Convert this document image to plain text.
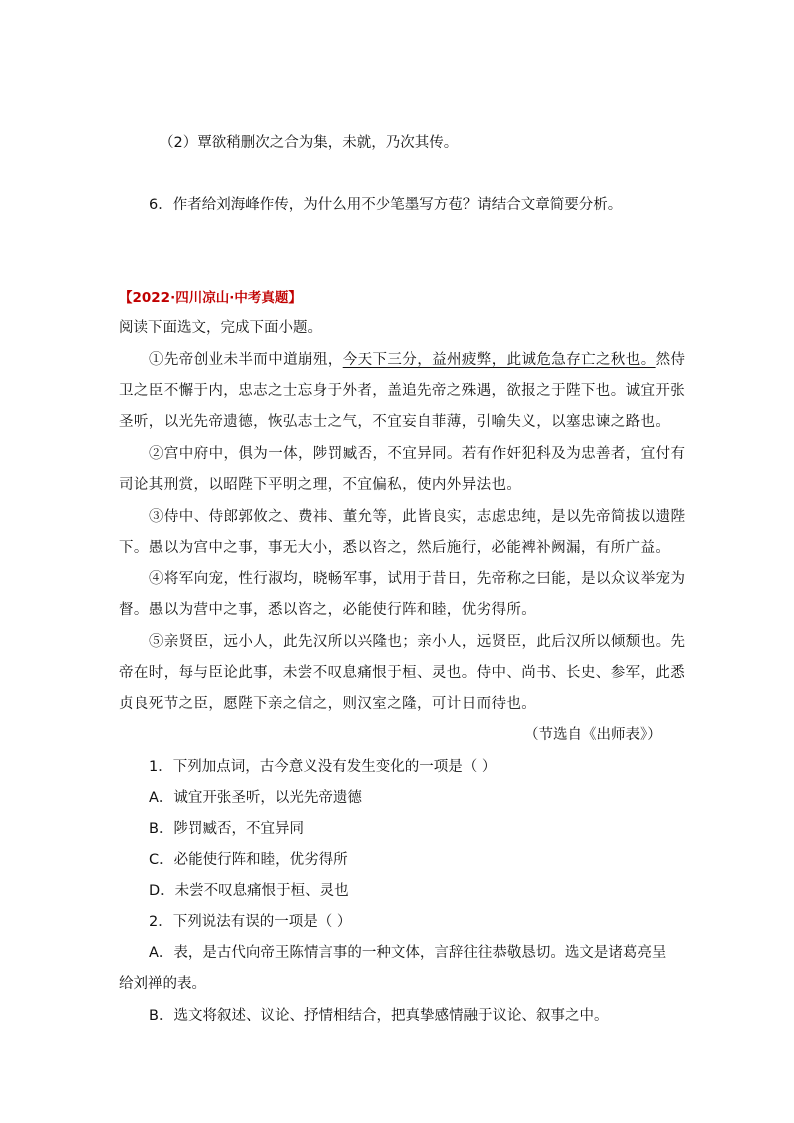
（2）覃欲稍删次之合为集，未就，乃次其传。
6．作者给刘海峰作传，为什么用不少笔墨写方苞？请结合文章简要分析。
【2022·四川凉山·中考真题】
阅读下面选文，完成下面小题。
①先帝创业未半而中道崩殂，今天下三分，益州疲弊，此诚危急存亡之秋也。然侍
卫之臣不懈于内，忠志之士忘身于外者，盖追先帝之殊遇，欲报之于陛下也。诚宜开张
圣听，以光先帝遗德，恢弘志士之气，不宜妄自菲薄，引喻失义，以塞忠谏之路也。
②宫中府中，俱为一体，陟罚臧否，不宜异同。若有作奸犯科及为忠善者，宜付有
司论其刑赏，以昭陛下平明之理，不宜偏私，使内外异法也。
③侍中、侍郎郭攸之、费祎、董允等，此皆良实，志虑忠纯，是以先帝简拔以遗陛
下。愚以为宫中之事，事无大小，悉以咨之，然后施行，必能裨补阙漏，有所广益。
④将军向宠，性行淑均，晓畅军事，试用于昔日，先帝称之曰能，是以众议举宠为
督。愚以为营中之事，悉以咨之，必能使行阵和睦，优劣得所。
⑤亲贤臣，远小人，此先汉所以兴隆也；亲小人，远贤臣，此后汉所以倾颓也。先
帝在时，每与臣论此事，未尝不叹息痛恨于桓、灵也。侍中、尚书、长史、参军，此悉
贞良死节之臣，愿陛下亲之信之，则汉室之隆，可计日而待也。
（节选自《出师表》）
1．下列加点词，古今意义没有发生变化的一项是（ ）
A．诚宜开张圣听，以光先帝遗德
B．陟罚臧否，不宜异同
C．必能使行阵和睦，优劣得所
D．未尝不叹息痛恨于桓、灵也
2．下列说法有误的一项是（ ）
A．表，是古代向帝王陈情言事的一种文体，言辞往往恭敬恳切。选文是诸葛亮呈
给刘禅的表。
B．选文将叙述、议论、抒情相结合，把真挚感情融于议论、叙事之中。
